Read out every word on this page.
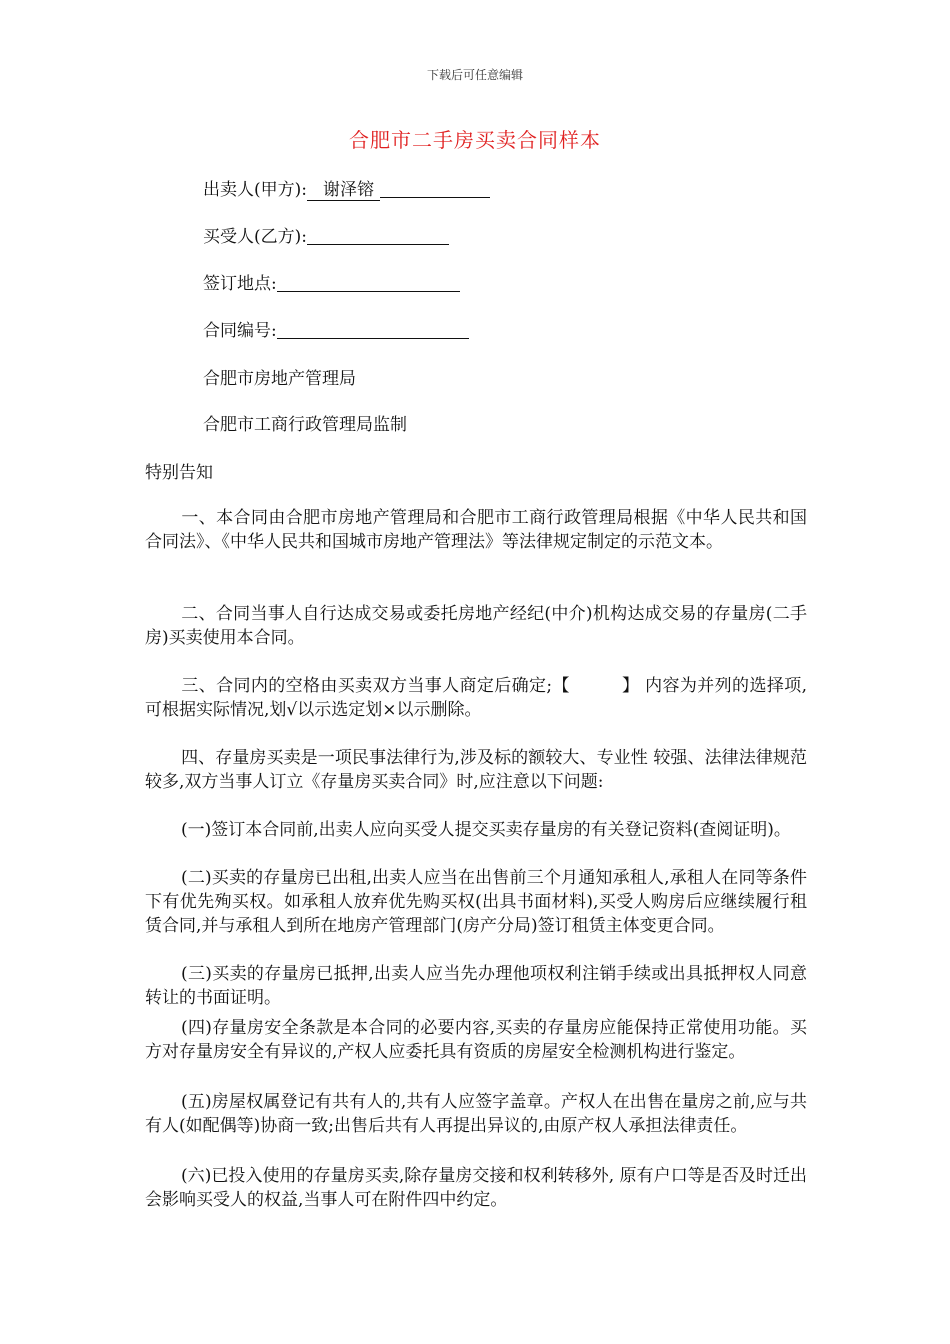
下载后可任意编辑
合肥市二手房买卖合同样本
出卖人(甲方): 谢泽镕
买受人(乙方):
签订地点:
合同编号:
合肥市房地产管理局
合肥市工商行政管理局监制
特别告知
一、本合同由合肥市房地产管理局和合肥市工商行政管理局根据《中华人民共和国合同法》、《中华人民共和国城市房地产管理法》等法律规定制定的示范文本。
二、合同当事人自行达成交易或委托房地产经纪(中介)机构达成交易的存量房(二手房)买卖使用本合同。
三、合同内的空格由买卖双方当事人商定后确定;【　　　】 内容为并列的选择项,可根据实际情况,划√以示选定划×以示删除。
四、存量房买卖是一项民事法律行为,涉及标的额较大、专业性 较强、法律法律规范较多,双方当事人订立《存量房买卖合同》时,应注意以下问题:
(一)签订本合同前,出卖人应向买受人提交买卖存量房的有关登记资料(查阅证明)。
(二)买卖的存量房已出租,出卖人应当在出售前三个月通知承租人,承租人在同等条件下有优先殉买权。如承租人放弃优先购买权(出具书面材料),买受人购房后应继续履行租赁合同,并与承租人到所在地房产管理部门(房产分局)签订租赁主体变更合同。
(三)买卖的存量房已抵押,出卖人应当先办理他项权利注销手续或出具抵押权人同意转让的书面证明。
(四)存量房安全条款是本合同的必要内容,买卖的存量房应能保持正常使用功能。买方对存量房安全有异议的,产权人应委托具有资质的房屋安全检测机构进行鉴定。
(五)房屋权属登记有共有人的,共有人应签字盖章。产权人在出售在量房之前,应与共有人(如配偶等)协商一致;出售后共有人再提出异议的,由原产权人承担法律责任。
(六)已投入使用的存量房买卖,除存量房交接和权利转移外, 原有户口等是否及时迁出会影响买受人的权益,当事人可在附件四中约定。
